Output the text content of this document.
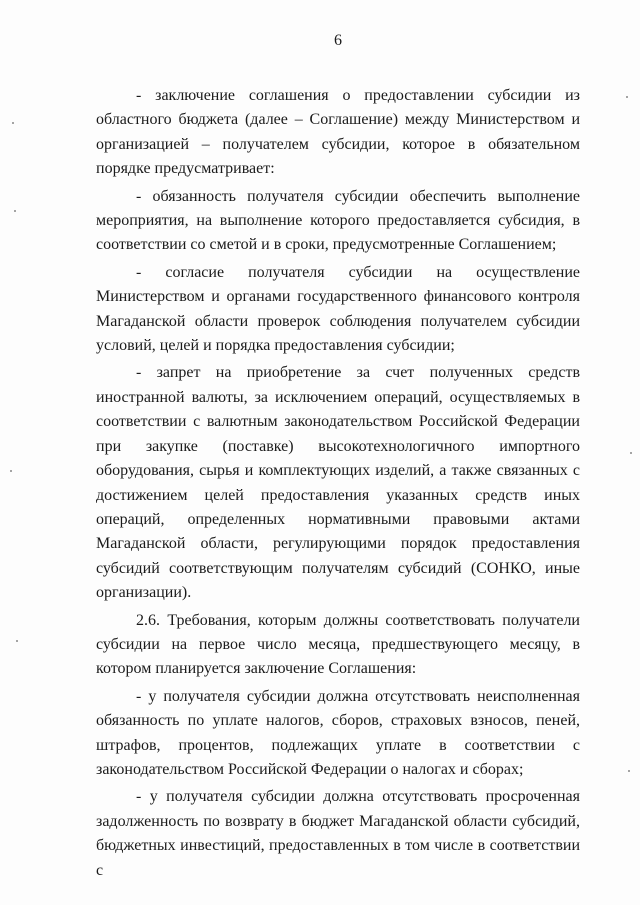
6

- заключение соглашения о предоставлении субсидии из областного бюджета (далее – Соглашение) между Министерством и организацией – получателем субсидии, которое в обязательном порядке предусматривает:

- обязанность получателя субсидии обеспечить выполнение мероприятия, на выполнение которого предоставляется субсидия, в соответствии со сметой и в сроки, предусмотренные Соглашением;

- согласие получателя субсидии на осуществление Министерством и органами государственного финансового контроля Магаданской области проверок соблюдения получателем субсидии условий, целей и порядка предоставления субсидии;

- запрет на приобретение за счет полученных средств иностранной валюты, за исключением операций, осуществляемых в соответствии с валютным законодательством Российской Федерации при закупке (поставке) высокотехнологичного импортного оборудования, сырья и комплектующих изделий, а также связанных с достижением целей предоставления указанных средств иных операций, определенных нормативными правовыми актами Магаданской области, регулирующими порядок предоставления субсидий соответствующим получателям субсидий (СОНКО, иные организации).

2.6. Требования, которым должны соответствовать получатели субсидии на первое число месяца, предшествующего месяцу, в котором планируется заключение Соглашения:

- у получателя субсидии должна отсутствовать неисполненная обязанность по уплате налогов, сборов, страховых взносов, пеней, штрафов, процентов, подлежащих уплате в соответствии с законодательством Российской Федерации о налогах и сборах;

- у получателя субсидии должна отсутствовать просроченная задолженность по возврату в бюджет Магаданской области субсидий, бюджетных инвестиций, предоставленных в том числе в соответствии с
